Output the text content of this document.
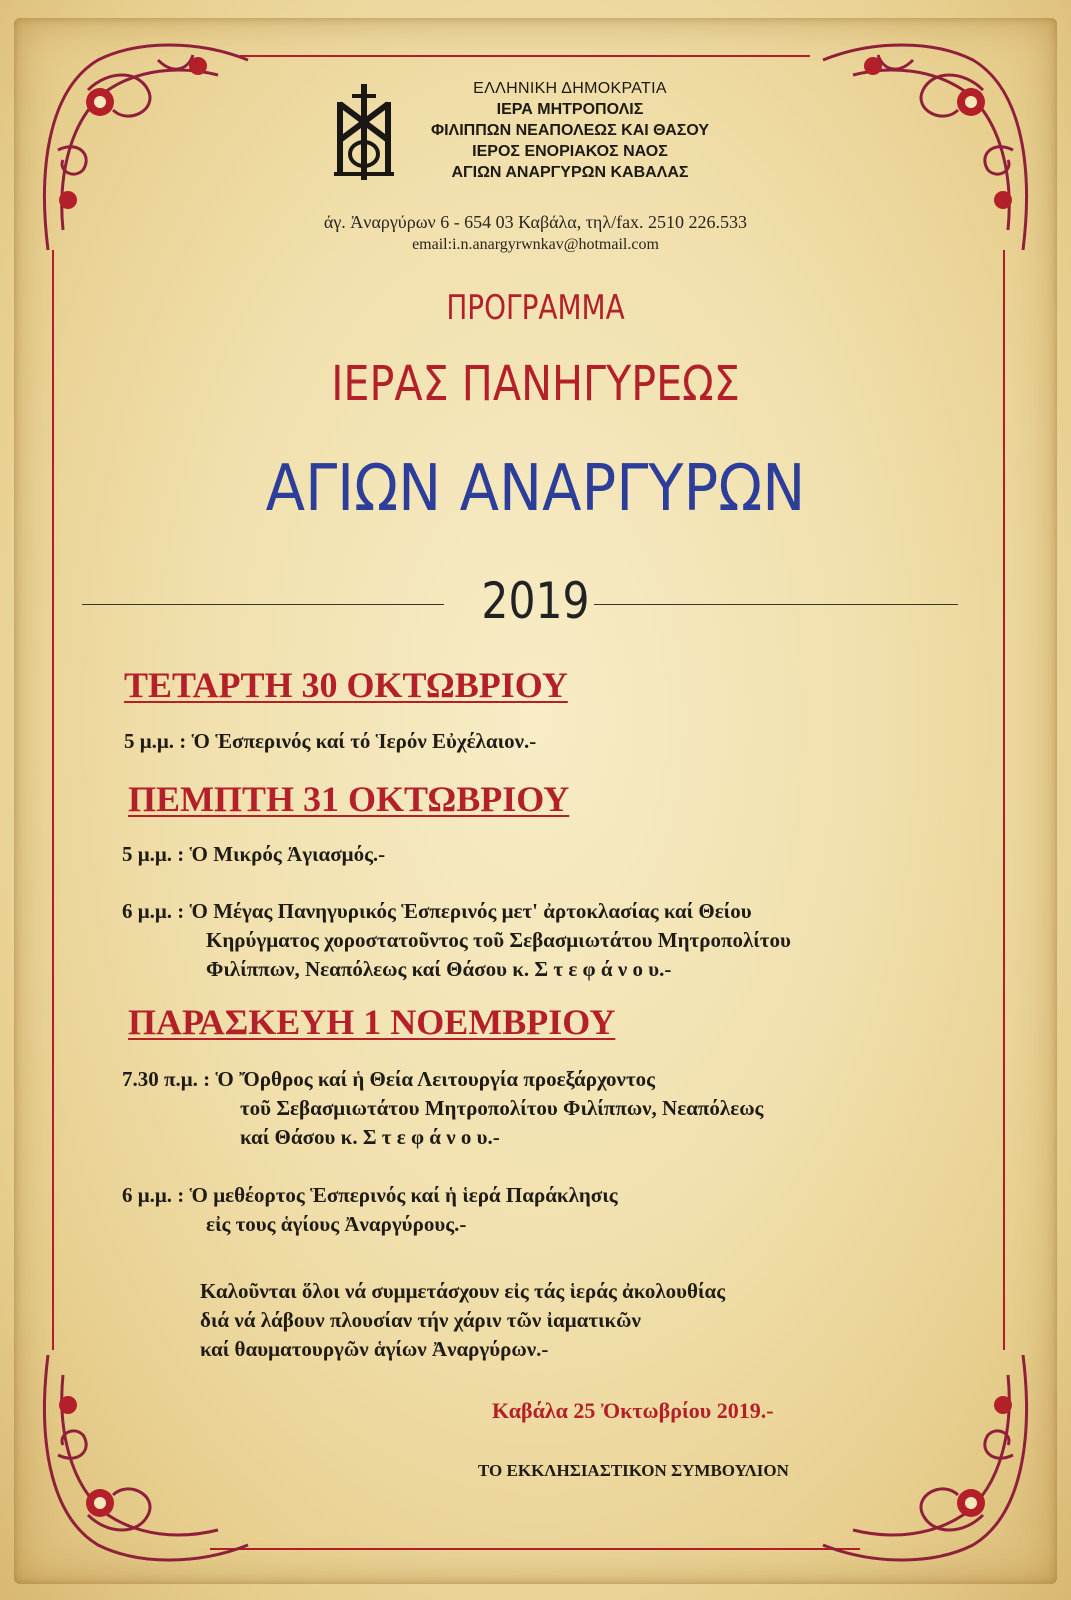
ΕΛΛΗΝΙΚΗ ΔΗΜΟΚΡΑΤΙΑ
ΙΕΡΑ ΜΗΤΡΟΠΟΛΙΣ
ΦΙΛΙΠΠΩΝ ΝΕΑΠΟΛΕΩΣ ΚΑΙ ΘΑΣΟΥ
ΙΕΡΟΣ ΕΝΟΡΙΑΚΟΣ ΝΑΟΣ
ΑΓΙΩΝ ΑΝΑΡΓΥΡΩΝ ΚΑΒΑΛΑΣ
άγ. Ἀναργύρων 6 - 654 03 Καβάλα, τηλ/fax. 2510 226.533
email:i.n.anargyrwnkav@hotmail.com
ΠΡΟΓΡΑΜΜΑ
ΙΕΡΑΣ ΠΑΝΗΓΥΡΕΩΣ
ΑΓΙΩΝ ΑΝΑΡΓΥΡΩΝ
2019
ΤΕΤΑΡΤΗ 30 ΟΚΤΩΒΡΙΟΥ
5 μ.μ. : Ὁ Ἑσπερινός καί τό Ἱερόν Εὐχέλαιον.-
ΠΕΜΠΤΗ 31 ΟΚΤΩΒΡΙΟΥ
5 μ.μ. : Ὁ Μικρός Ἁγιασμός.-
6 μ.μ. : Ὁ Μέγας Πανηγυρικός Ἑσπερινός μετ' ἀρτοκλασίας καί Θείου
Κηρύγματος χοροστατοῦντος τοῦ Σεβασμιωτάτου Μητροπολίτου
Φιλίππων, Νεαπόλεως καί Θάσου κ. Σ τ ε φ ά ν ο υ.-
ΠΑΡΑΣΚΕΥΗ 1 ΝΟΕΜΒΡΙΟΥ
7.30 π.μ. : Ὁ Ὄρθρος καί ἡ Θεία Λειτουργία προεξάρχοντος
τοῦ Σεβασμιωτάτου Μητροπολίτου Φιλίππων, Νεαπόλεως
καί Θάσου κ. Σ τ ε φ ά ν ο υ.-
6 μ.μ. : Ὁ μεθέορτος Ἑσπερινός καί ἡ ἱερά Παράκλησις
εἰς τους ἁγίους Ἀναργύρους.-
Καλοῦνται ὅλοι νά συμμετάσχουν εἰς τάς ἱεράς ἀκολουθίας
διά νά λάβουν πλουσίαν τήν χάριν τῶν ἰαματικῶν
καί θαυματουργῶν ἁγίων Ἀναργύρων.-
Καβάλα 25 Ὀκτωβρίου 2019.-
ΤΟ ΕΚΚΛΗΣΙΑΣΤΙΚΟΝ ΣΥΜΒΟΥΛΙΟΝ
